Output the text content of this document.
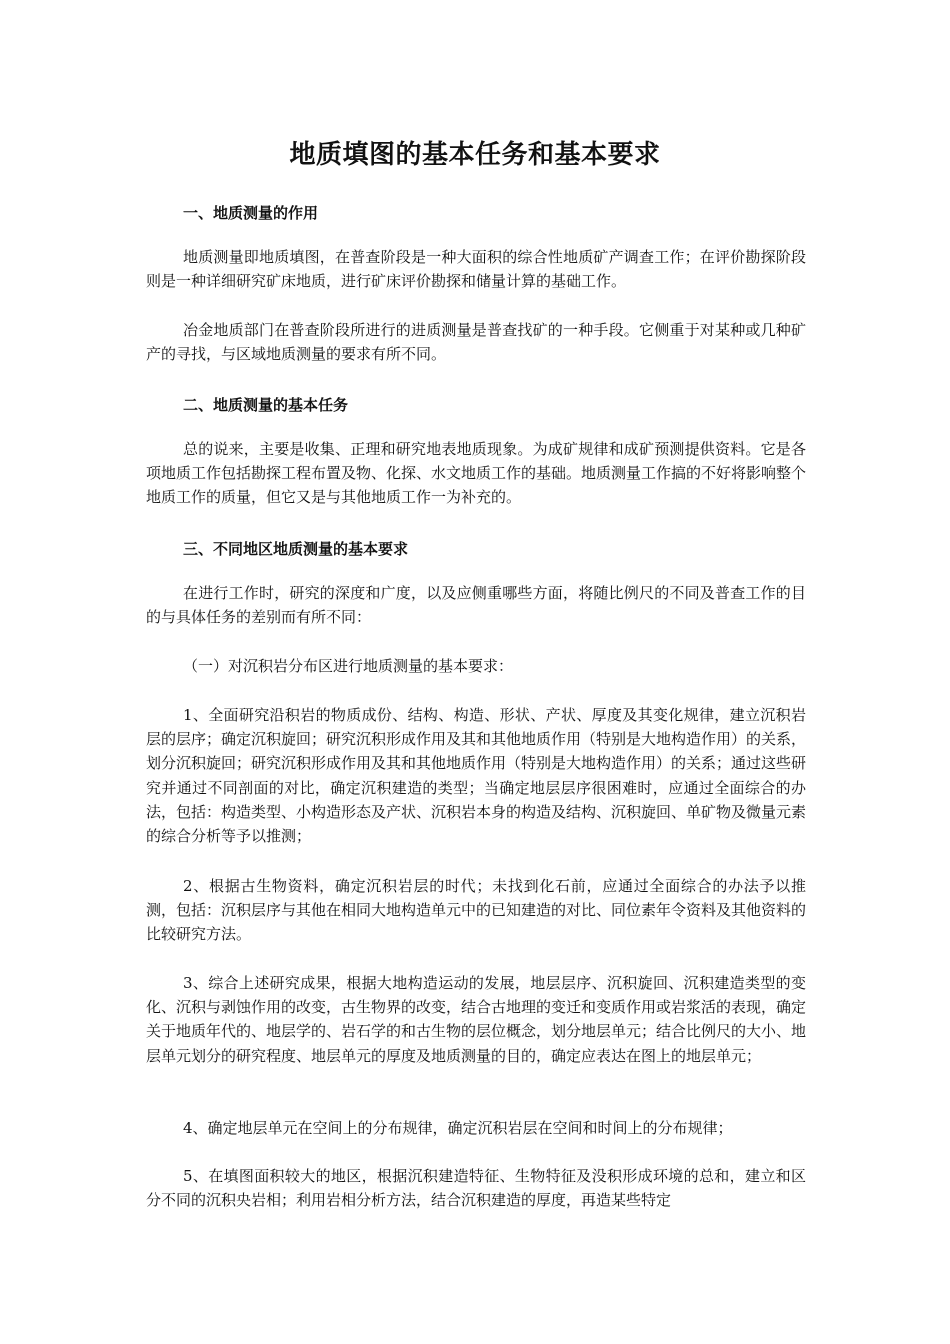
地质填图的基本任务和基本要求
一、地质测量的作用

地质测量即地质填图，在普查阶段是一种大面积的综合性地质矿产调查工作；在评价勘探阶段则是一种详细研究矿床地质，进行矿床评价勘探和储量计算的基础工作。

冶金地质部门在普查阶段所进行的进质测量是普查找矿的一种手段。它侧重于对某种或几种矿产的寻找，与区域地质测量的要求有所不同。

二、地质测量的基本任务

总的说来，主要是收集、正理和研究地表地质现象。为成矿规律和成矿预测提供资料。它是各项地质工作包括勘探工程布置及物、化探、水文地质工作的基础。地质测量工作搞的不好将影响整个地质工作的质量，但它又是与其他地质工作一为补充的。

三、不同地区地质测量的基本要求

在进行工作时，研究的深度和广度，以及应侧重哪些方面，将随比例尺的不同及普查工作的目的与具体任务的差别而有所不同：

（一）对沉积岩分布区进行地质测量的基本要求：

1、全面研究沿积岩的物质成份、结构、构造、形状、产状、厚度及其变化规律，建立沉积岩层的层序；确定沉积旋回；研究沉积形成作用及其和其他地质作用（特别是大地构造作用）的关系，划分沉积旋回；研究沉积形成作用及其和其他地质作用（特别是大地构造作用）的关系；通过这些研究并通过不同剖面的对比，确定沉积建造的类型；当确定地层层序很困难时，应通过全面综合的办法，包括：构造类型、小构造形态及产状、沉积岩本身的构造及结构、沉积旋回、单矿物及微量元素的综合分析等予以推测；

2、根据古生物资料，确定沉积岩层的时代；未找到化石前，应通过全面综合的办法予以推测，包括：沉积层序与其他在相同大地构造单元中的已知建造的对比、同位素年令资料及其他资料的比较研究方法。

3、综合上述研究成果，根据大地构造运动的发展，地层层序、沉积旋回、沉积建造类型的变化、沉积与剥蚀作用的改变，古生物界的改变，结合古地理的变迁和变质作用或岩浆活的表现，确定关于地质年代的、地层学的、岩石学的和古生物的层位概念，划分地层单元；结合比例尺的大小、地层单元划分的研究程度、地层单元的厚度及地质测量的目的，确定应表达在图上的地层单元；

4、确定地层单元在空间上的分布规律，确定沉积岩层在空间和时间上的分布规律；

5、在填图面积较大的地区，根据沉积建造特征、生物特征及没积形成环境的总和，建立和区分不同的沉积央岩相；利用岩相分析方法，结合沉积建造的厚度，再造某些特定
